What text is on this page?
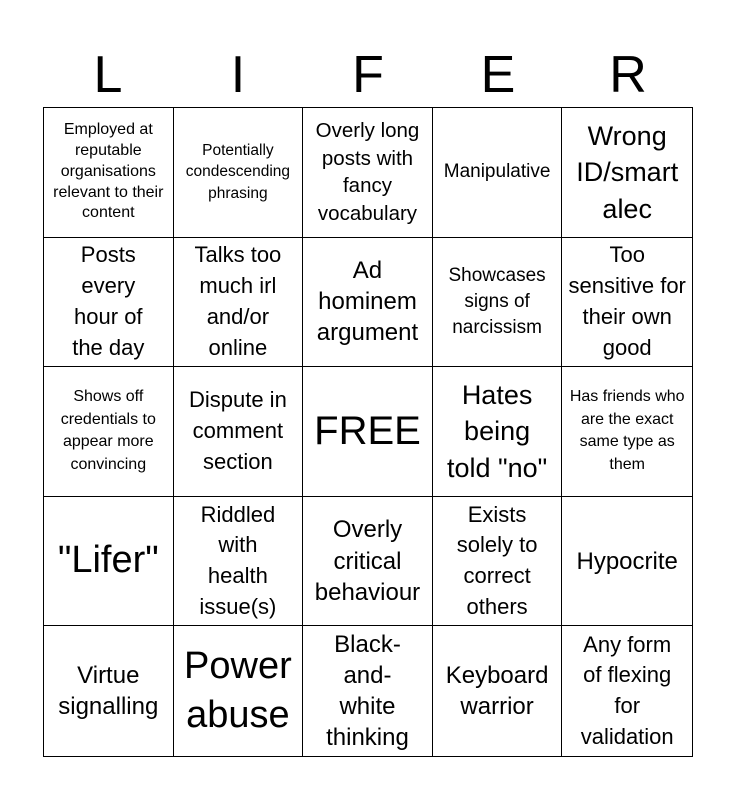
L	I	F	E	R
Employed at reputable organisations relevant to their content
Potentially condescending phrasing
Overly long posts with fancy vocabulary
Manipulative
Wrong ID/smart alec
Posts every hour of the day
Talks too much irl and/or online
Ad hominem argument
Showcases signs of narcissism
Too sensitive for their own good
Shows off credentials to appear more convincing
Dispute in comment section
FREE
Hates being told "no"
Has friends who are the exact same type as them
"Lifer"
Riddled with health issue(s)
Overly critical behaviour
Exists solely to correct others
Hypocrite
Virtue signalling
Power abuse
Black-and-white thinking
Keyboard warrior
Any form of flexing for validation
